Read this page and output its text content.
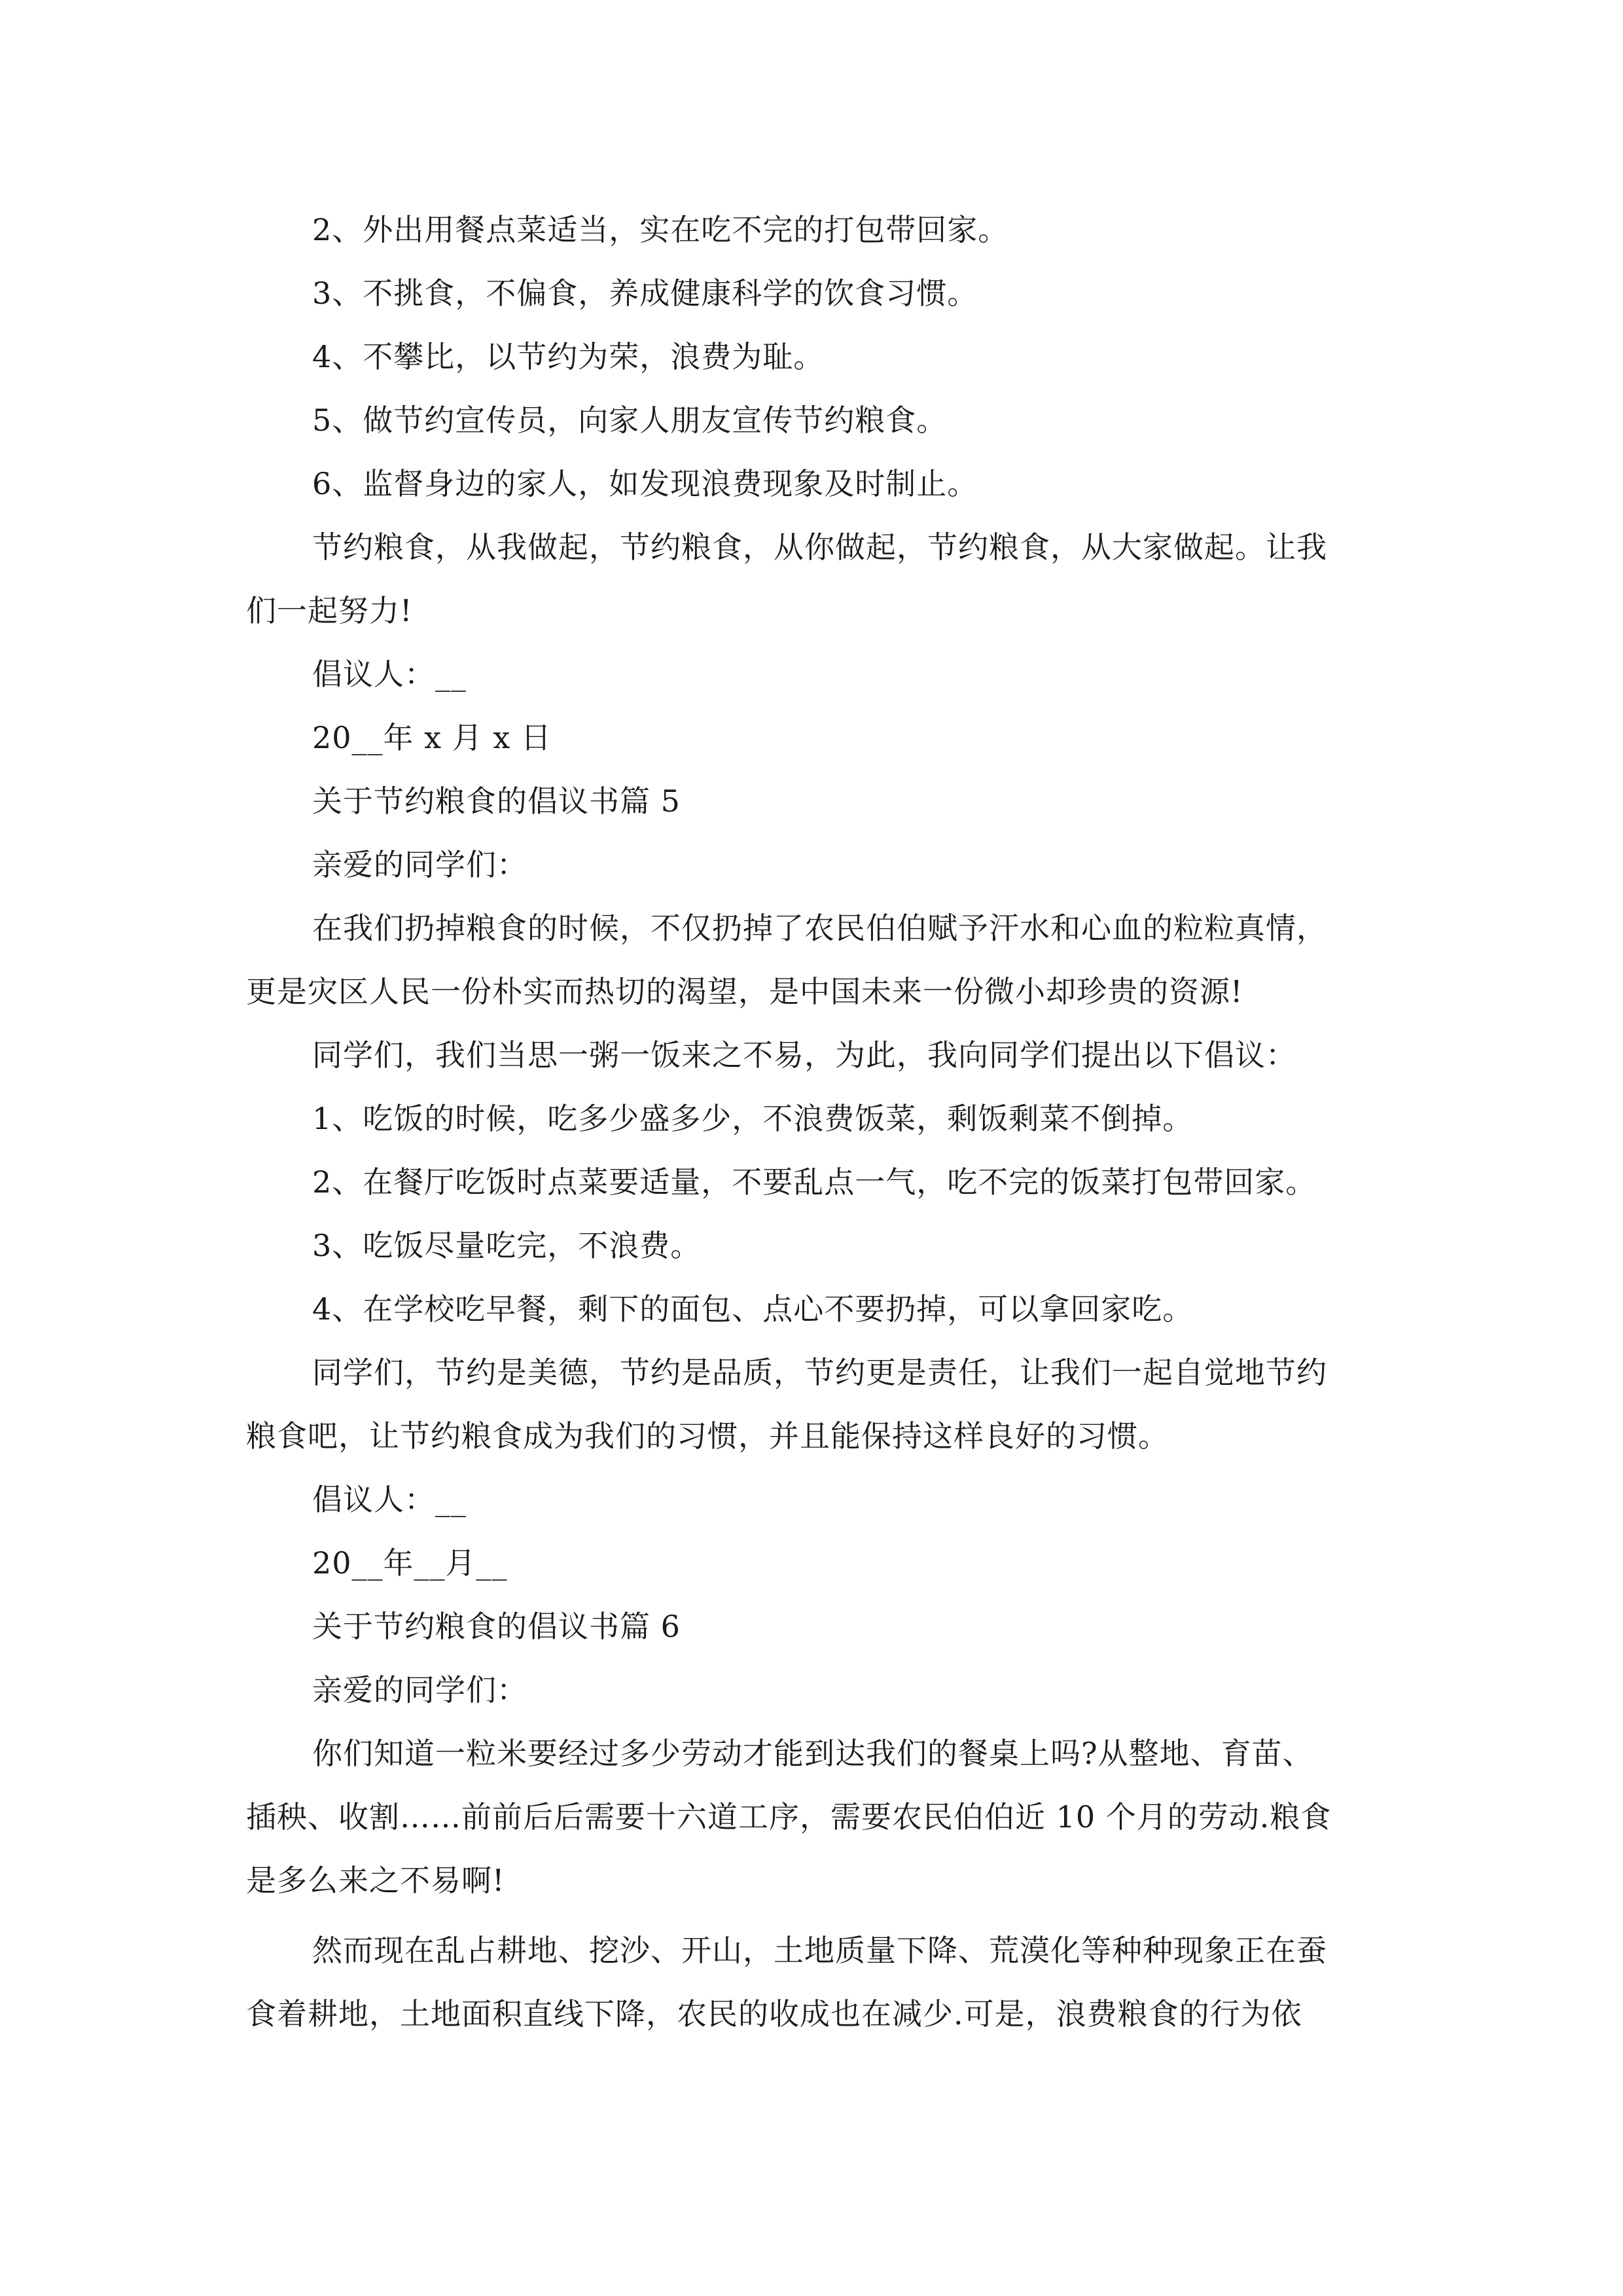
2、外出用餐点菜适当，实在吃不完的打包带回家。
3、不挑食，不偏食，养成健康科学的饮食习惯。
4、不攀比，以节约为荣，浪费为耻。
5、做节约宣传员，向家人朋友宣传节约粮食。
6、监督身边的家人，如发现浪费现象及时制止。
节约粮食，从我做起，节约粮食，从你做起，节约粮食，从大家做起。让我
们一起努力!
倡议人：__
20__年 x 月 x 日
关于节约粮食的倡议书篇 5
亲爱的同学们：
在我们扔掉粮食的时候，不仅扔掉了农民伯伯赋予汗水和心血的粒粒真情，
更是灾区人民一份朴实而热切的渴望，是中国未来一份微小却珍贵的资源!
同学们，我们当思一粥一饭来之不易，为此，我向同学们提出以下倡议：
1、吃饭的时候，吃多少盛多少，不浪费饭菜，剩饭剩菜不倒掉。
2、在餐厅吃饭时点菜要适量，不要乱点一气，吃不完的饭菜打包带回家。
3、吃饭尽量吃完，不浪费。
4、在学校吃早餐，剩下的面包、点心不要扔掉，可以拿回家吃。
同学们，节约是美德，节约是品质，节约更是责任，让我们一起自觉地节约
粮食吧，让节约粮食成为我们的习惯，并且能保持这样良好的习惯。
倡议人：__
20__年__月__
关于节约粮食的倡议书篇 6
亲爱的同学们：
你们知道一粒米要经过多少劳动才能到达我们的餐桌上吗?从整地、育苗、
插秧、收割……前前后后需要十六道工序，需要农民伯伯近 10 个月的劳动.粮食
是多么来之不易啊!
然而现在乱占耕地、挖沙、开山，土地质量下降、荒漠化等种种现象正在蚕
食着耕地，土地面积直线下降，农民的收成也在减少.可是，浪费粮食的行为依
